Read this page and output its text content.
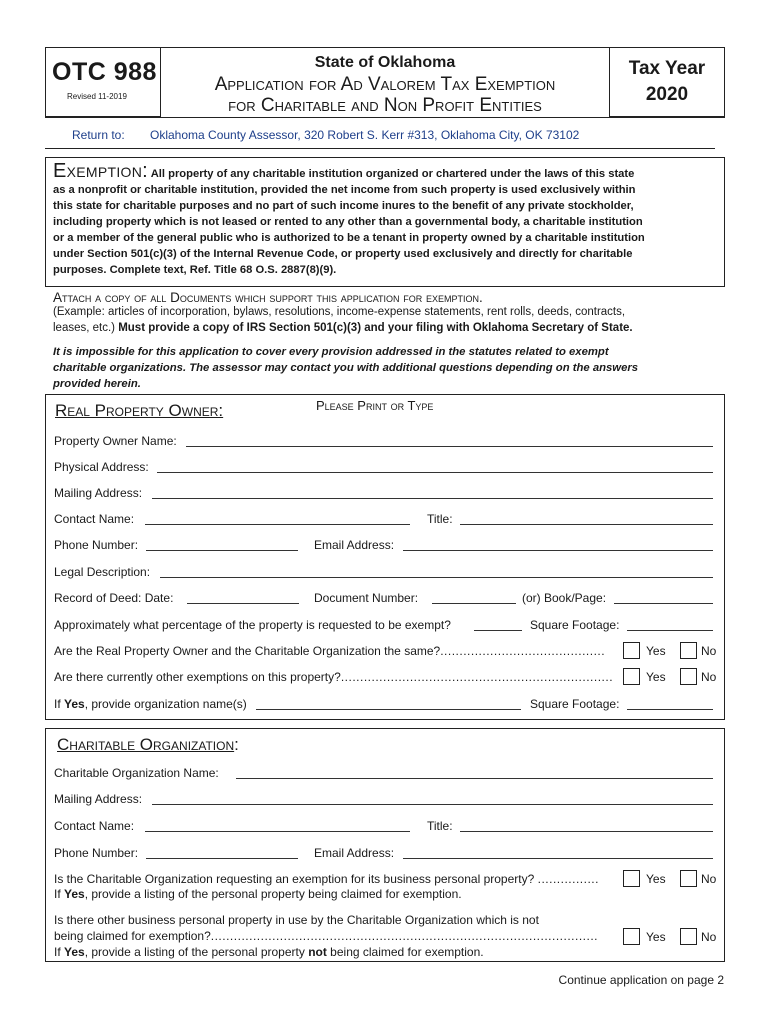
OTC 988
Revised 11-2019
State of Oklahoma
Application for Ad Valorem Tax Exemption
for Charitable and Non Profit Entities
Tax Year
2020
Return to: Oklahoma County Assessor, 320 Robert S. Kerr #313, Oklahoma City, OK 73102
Exemption: All property of any charitable institution organized or chartered under the laws of this state
as a nonprofit or charitable institution, provided the net income from such property is used exclusively within
this state for charitable purposes and no part of such income inures to the benefit of any private stockholder,
including property which is not leased or rented to any other than a governmental body, a charitable institution
or a member of the general public who is authorized to be a tenant in property owned by a charitable institution
under Section 501(c)(3) of the Internal Revenue Code, or property used exclusively and directly for charitable
purposes. Complete text, Ref. Title 68 O.S. 2887(8)(9).
Attach a copy of all Documents which support this application for exemption.
(Example: articles of incorporation, bylaws, resolutions, income-expense statements, rent rolls, deeds, contracts,
leases, etc.) Must provide a copy of IRS Section 501(c)(3) and your filing with Oklahoma Secretary of State.
It is impossible for this application to cover every provision addressed in the statutes related to exempt
charitable organizations. The assessor may contact you with additional questions depending on the answers
provided herein.
Real Property Owner:	Please Print or Type
Property Owner Name:
Physical Address:
Mailing Address:
Contact Name:	Title:
Phone Number:	Email Address:
Legal Description:
Record of Deed: Date:	Document Number:	(or) Book/Page:
Approximately what percentage of the property is requested to be exempt?	Square Footage:
Are the Real Property Owner and the Charitable Organization the same?...........................................	Yes	No
Are there currently other exemptions on this property?.......................................................................	Yes	No
If Yes, provide organization name(s)	Square Footage:
Charitable Organization:
Charitable Organization Name:
Mailing Address:
Contact Name:	Title:
Phone Number:	Email Address:
Is the Charitable Organization requesting an exemption for its business personal property? ................
If Yes, provide a listing of the personal property being claimed for exemption.
Yes	No
Is there other business personal property in use by the Charitable Organization which is not
being claimed for exemption?.....................................................................................................
If Yes, provide a listing of the personal property not being claimed for exemption.
Yes	No
Continue application on page 2
